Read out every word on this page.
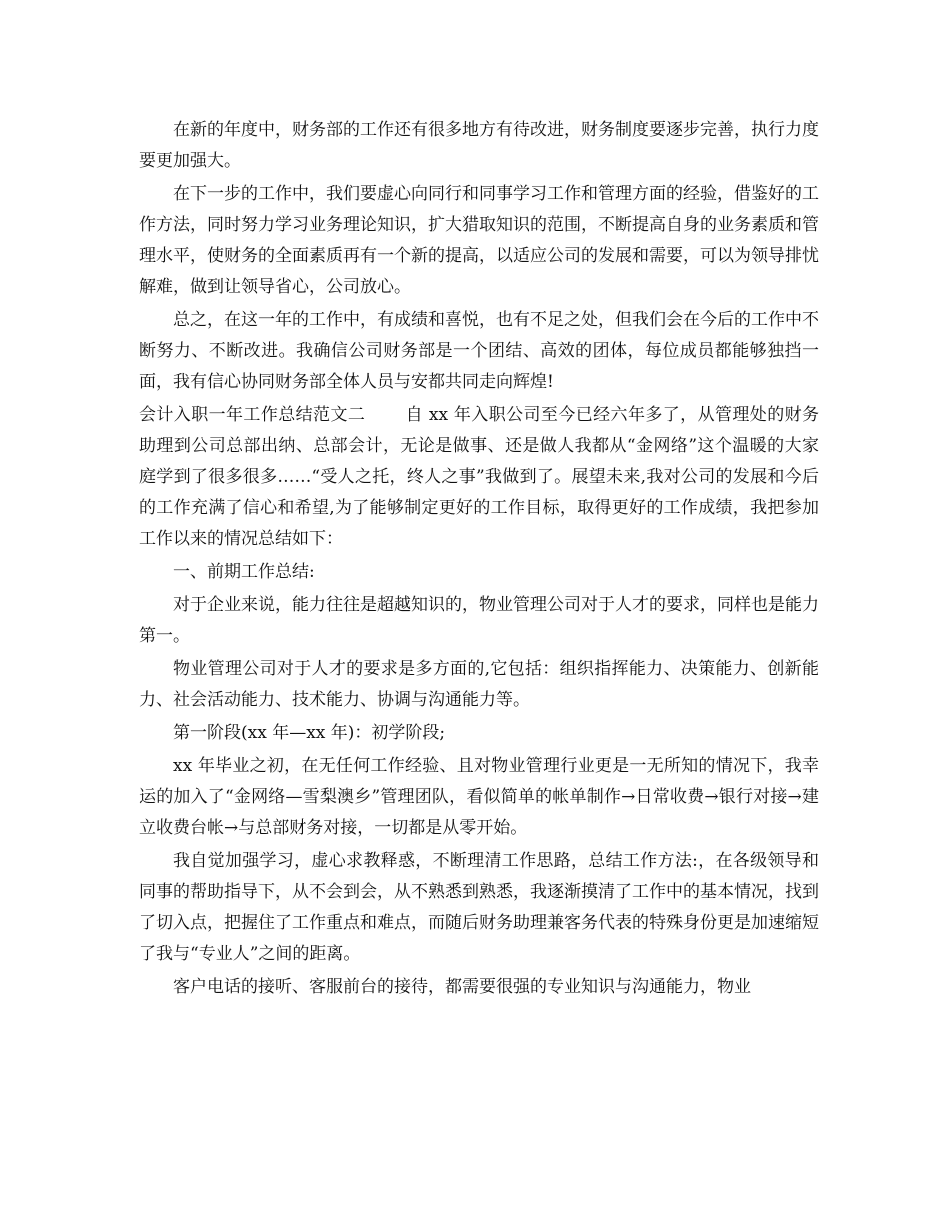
在新的年度中，财务部的工作还有很多地方有待改进，财务制度要逐步完善，执行力度要更加强大。

在下一步的工作中，我们要虚心向同行和同事学习工作和管理方面的经验，借鉴好的工作方法，同时努力学习业务理论知识，扩大猎取知识的范围，不断提高自身的业务素质和管理水平，使财务的全面素质再有一个新的提高，以适应公司的发展和需要，可以为领导排忧解难，做到让领导省心，公司放心。

总之，在这一年的工作中，有成绩和喜悦，也有不足之处，但我们会在今后的工作中不断努力、不断改进。我确信公司财务部是一个团结、高效的团体，每位成员都能够独挡一面，我有信心协同财务部全体人员与安都共同走向辉煌!

会计入职一年工作总结范文二 自 xx 年入职公司至今已经六年多了，从管理处的财务助理到公司总部出纳、总部会计，无论是做事、还是做人我都从“金网络”这个温暖的大家庭学到了很多很多……“受人之托，终人之事”我做到了。展望未来,我对公司的发展和今后的工作充满了信心和希望,为了能够制定更好的工作目标，取得更好的工作成绩，我把参加工作以来的情况总结如下：

一、前期工作总结:

对于企业来说，能力往往是超越知识的，物业管理公司对于人才的要求，同样也是能力第一。

物业管理公司对于人才的要求是多方面的,它包括：组织指挥能力、决策能力、创新能力、社会活动能力、技术能力、协调与沟通能力等。

第一阶段(xx 年—xx 年)：初学阶段;

xx 年毕业之初，在无任何工作经验、且对物业管理行业更是一无所知的情况下，我幸运的加入了“金网络—雪梨澳乡”管理团队，看似简单的帐单制作→日常收费→银行对接→建立收费台帐→与总部财务对接，一切都是从零开始。

我自觉加强学习，虚心求教释惑，不断理清工作思路，总结工作方法:，在各级领导和同事的帮助指导下，从不会到会，从不熟悉到熟悉，我逐渐摸清了工作中的基本情况，找到了切入点，把握住了工作重点和难点，而随后财务助理兼客务代表的特殊身份更是加速缩短了我与“专业人”之间的距离。

客户电话的接听、客服前台的接待，都需要很强的专业知识与沟通能力，物业
